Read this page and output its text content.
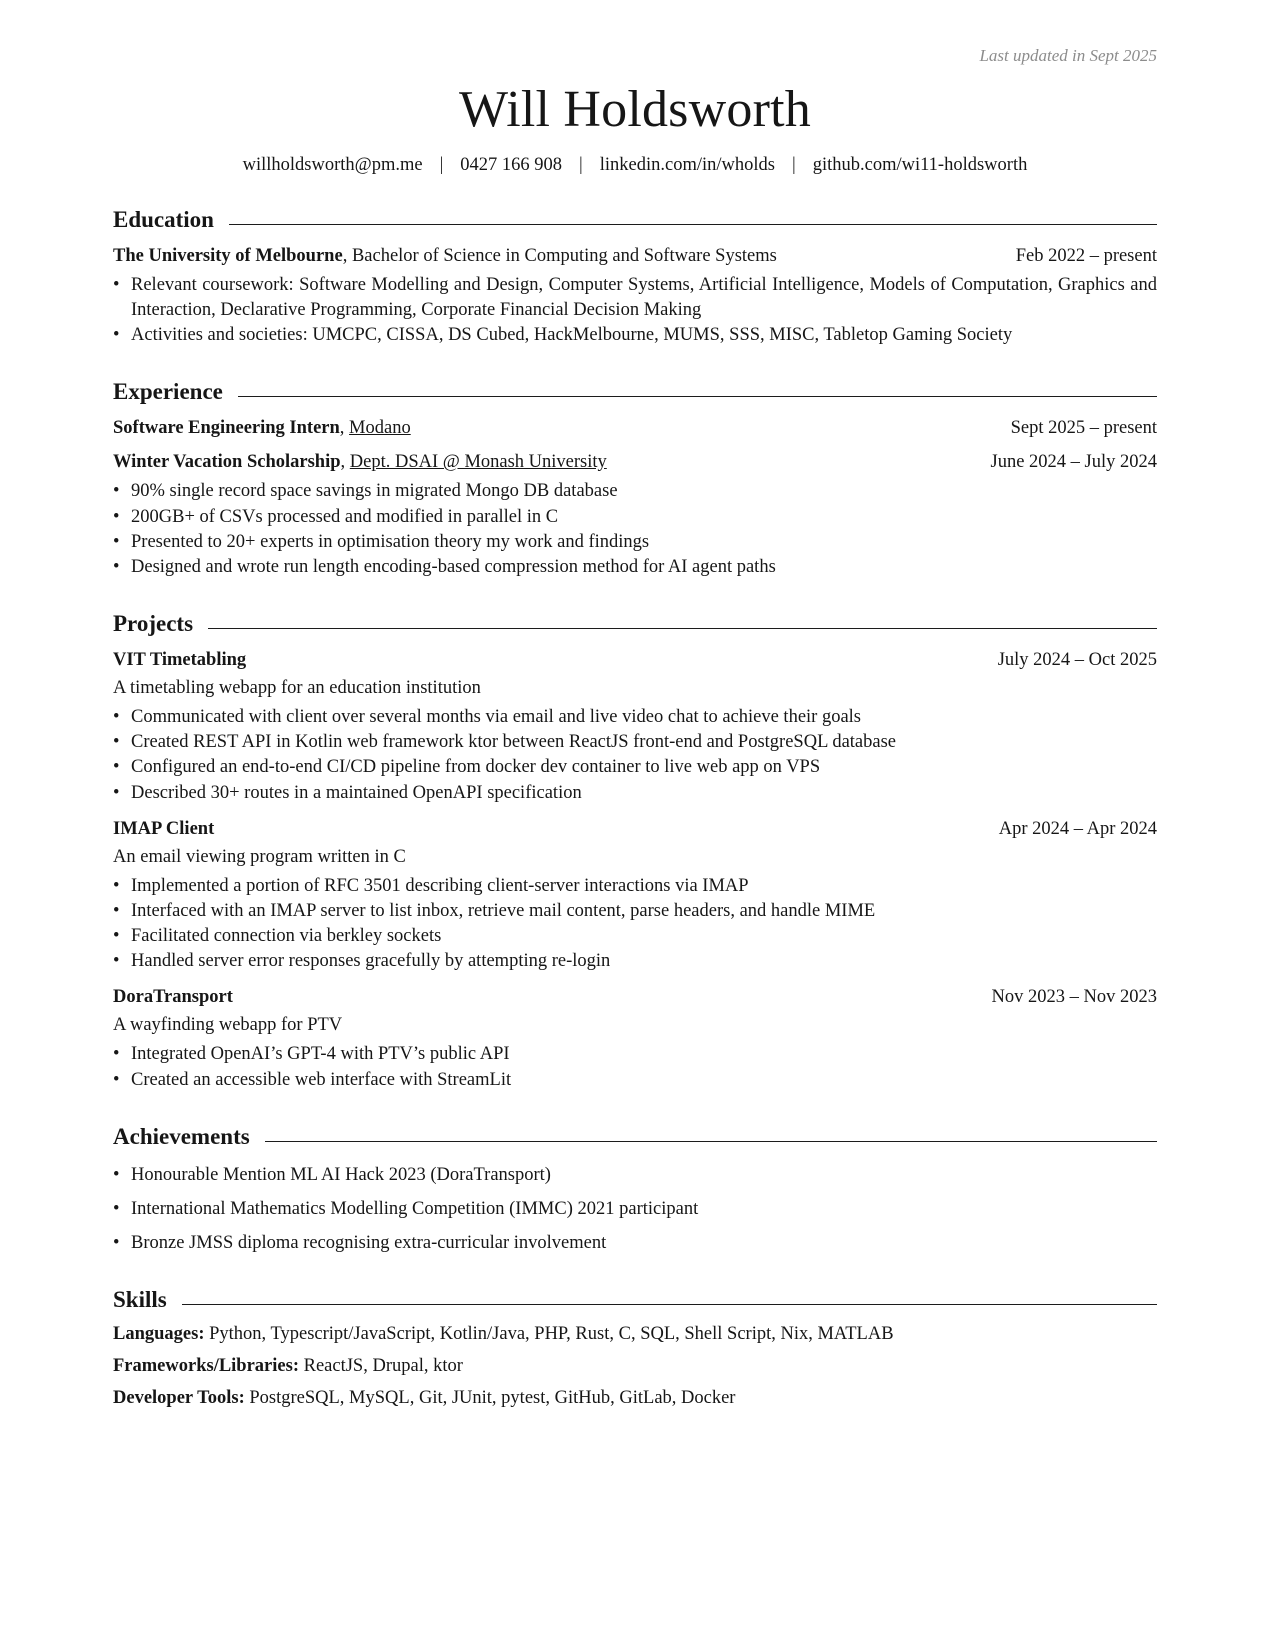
Last updated in Sept 2025
Will Holdsworth
willholdsworth@pm.me | 0427 166 908 | linkedin.com/in/wholds | github.com/wi11-holdsworth
Education
The University of Melbourne, Bachelor of Science in Computing and Software Systems	Feb 2022 – present
• Relevant coursework: Software Modelling and Design, Computer Systems, Artificial Intelligence, Models of Computation, Graphics and Interaction, Declarative Programming, Corporate Financial Decision Making
• Activities and societies: UMCPC, CISSA, DS Cubed, HackMelbourne, MUMS, SSS, MISC, Tabletop Gaming Society
Experience
Software Engineering Intern, Modano	Sept 2025 – present
Winter Vacation Scholarship, Dept. DSAI @ Monash University	June 2024 – July 2024
• 90% single record space savings in migrated Mongo DB database
• 200GB+ of CSVs processed and modified in parallel in C
• Presented to 20+ experts in optimisation theory my work and findings
• Designed and wrote run length encoding-based compression method for AI agent paths
Projects
VIT Timetabling	July 2024 – Oct 2025
A timetabling webapp for an education institution
• Communicated with client over several months via email and live video chat to achieve their goals
• Created REST API in Kotlin web framework ktor between ReactJS front-end and PostgreSQL database
• Configured an end-to-end CI/CD pipeline from docker dev container to live web app on VPS
• Described 30+ routes in a maintained OpenAPI specification
IMAP Client	Apr 2024 – Apr 2024
An email viewing program written in C
• Implemented a portion of RFC 3501 describing client-server interactions via IMAP
• Interfaced with an IMAP server to list inbox, retrieve mail content, parse headers, and handle MIME
• Facilitated connection via berkley sockets
• Handled server error responses gracefully by attempting re-login
DoraTransport	Nov 2023 – Nov 2023
A wayfinding webapp for PTV
• Integrated OpenAI’s GPT-4 with PTV’s public API
• Created an accessible web interface with StreamLit
Achievements
• Honourable Mention ML AI Hack 2023 (DoraTransport)
• International Mathematics Modelling Competition (IMMC) 2021 participant
• Bronze JMSS diploma recognising extra-curricular involvement
Skills
Languages: Python, Typescript/JavaScript, Kotlin/Java, PHP, Rust, C, SQL, Shell Script, Nix, MATLAB
Frameworks/Libraries: ReactJS, Drupal, ktor
Developer Tools: PostgreSQL, MySQL, Git, JUnit, pytest, GitHub, GitLab, Docker
